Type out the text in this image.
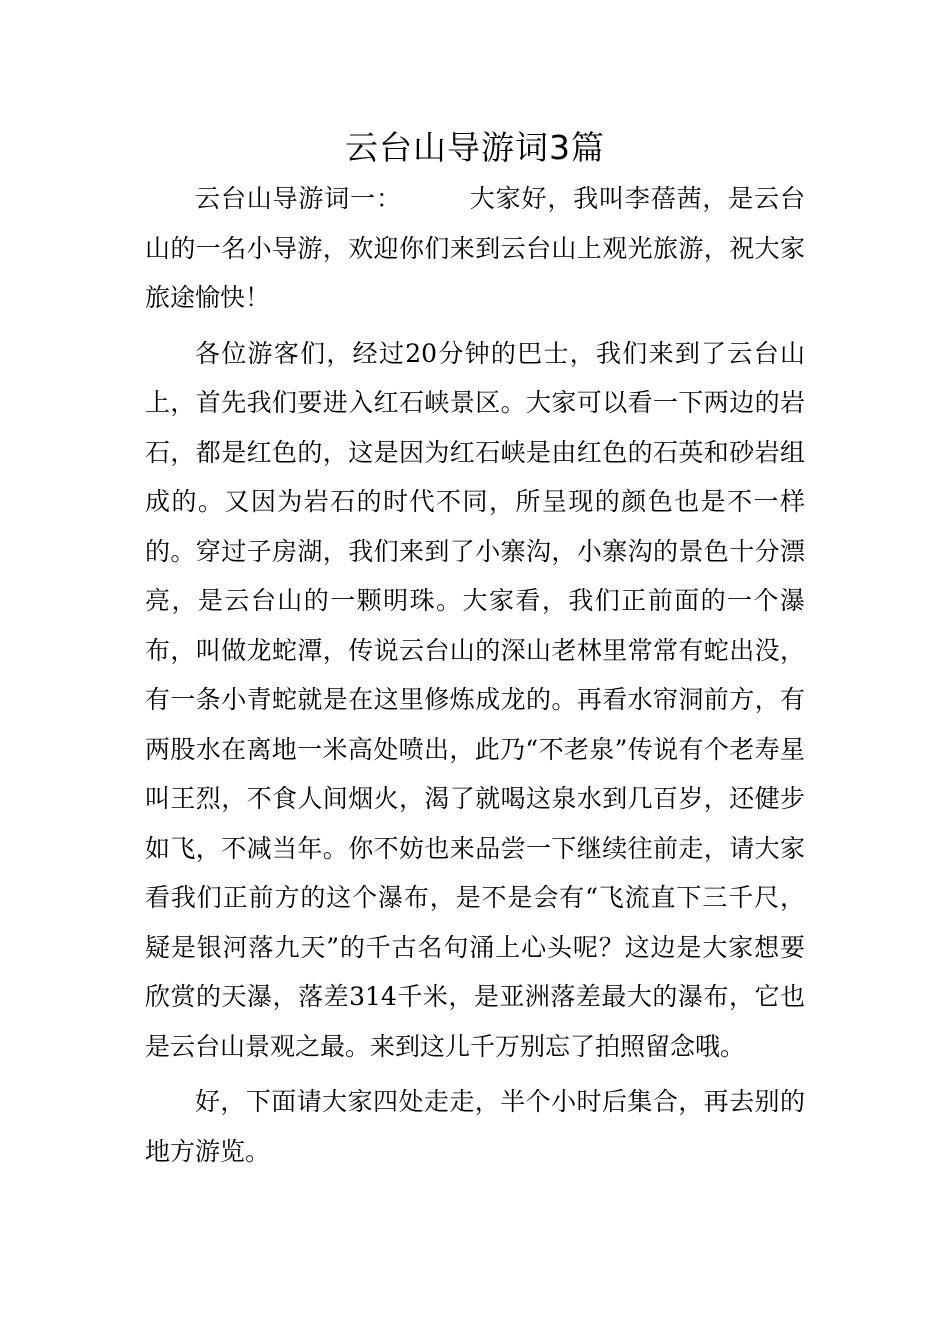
云台山导游词3篇

云台山导游词一：	大家好，我叫李蓓茜，是云台山的一名小导游，欢迎你们来到云台山上观光旅游，祝大家旅途愉快！

各位游客们，经过20分钟的巴士，我们来到了云台山上，首先我们要进入红石峡景区。大家可以看一下两边的岩石，都是红色的，这是因为红石峡是由红色的石英和砂岩组成的。又因为岩石的时代不同，所呈现的颜色也是不一样的。穿过子房湖，我们来到了小寨沟，小寨沟的景色十分漂亮，是云台山的一颗明珠。大家看，我们正前面的一个瀑布，叫做龙蛇潭，传说云台山的深山老林里常常有蛇出没，有一条小青蛇就是在这里修炼成龙的。再看水帘洞前方，有两股水在离地一米高处喷出，此乃“不老泉”传说有个老寿星叫王烈，不食人间烟火，渴了就喝这泉水到几百岁，还健步如飞，不减当年。你不妨也来品尝一下继续往前走，请大家看我们正前方的这个瀑布，是不是会有“飞流直下三千尺，疑是银河落九天”的千古名句涌上心头呢？这边是大家想要欣赏的天瀑，落差314千米，是亚洲落差最大的瀑布，它也是云台山景观之最。来到这儿千万别忘了拍照留念哦。

好，下面请大家四处走走，半个小时后集合，再去别的地方游览。
